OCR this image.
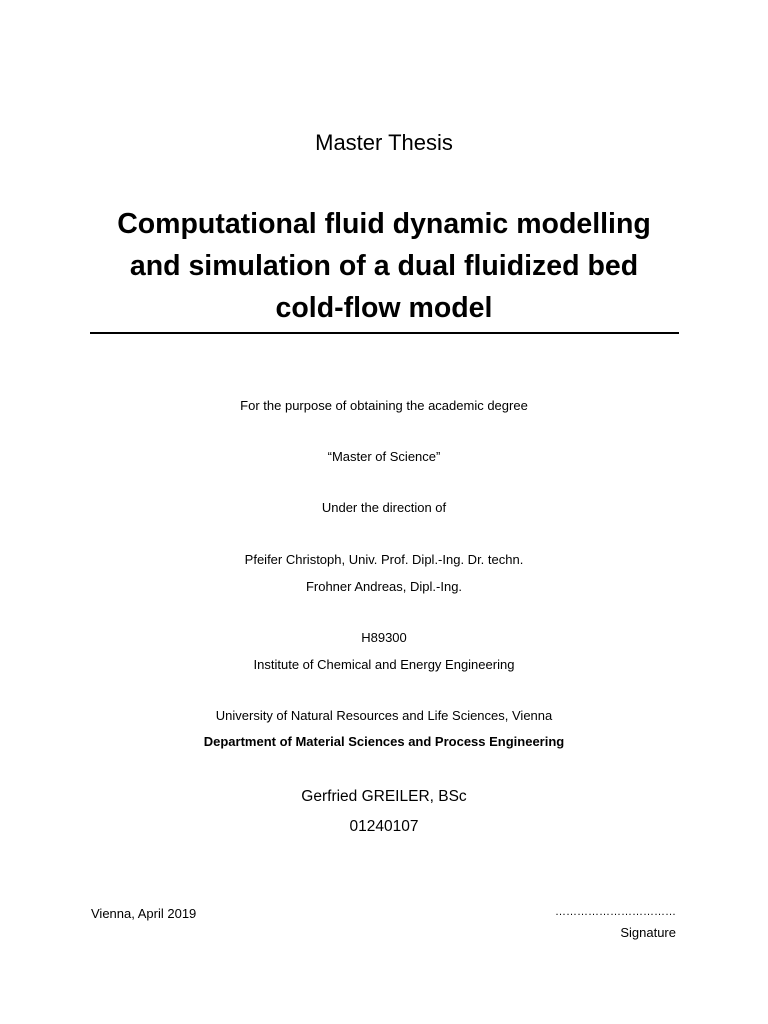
Master Thesis
Computational fluid dynamic modelling
and simulation of a dual fluidized bed
cold-flow model
For the purpose of obtaining the academic degree
“Master of Science”
Under the direction of
Pfeifer Christoph, Univ. Prof. Dipl.-Ing. Dr. techn.
Frohner Andreas, Dipl.-Ing.
H89300
Institute of Chemical and Energy Engineering
University of Natural Resources and Life Sciences, Vienna
Department of Material Sciences and Process Engineering
Gerfried GREILER, BSc
01240107
Vienna, April 2019	……………………………
Signature
